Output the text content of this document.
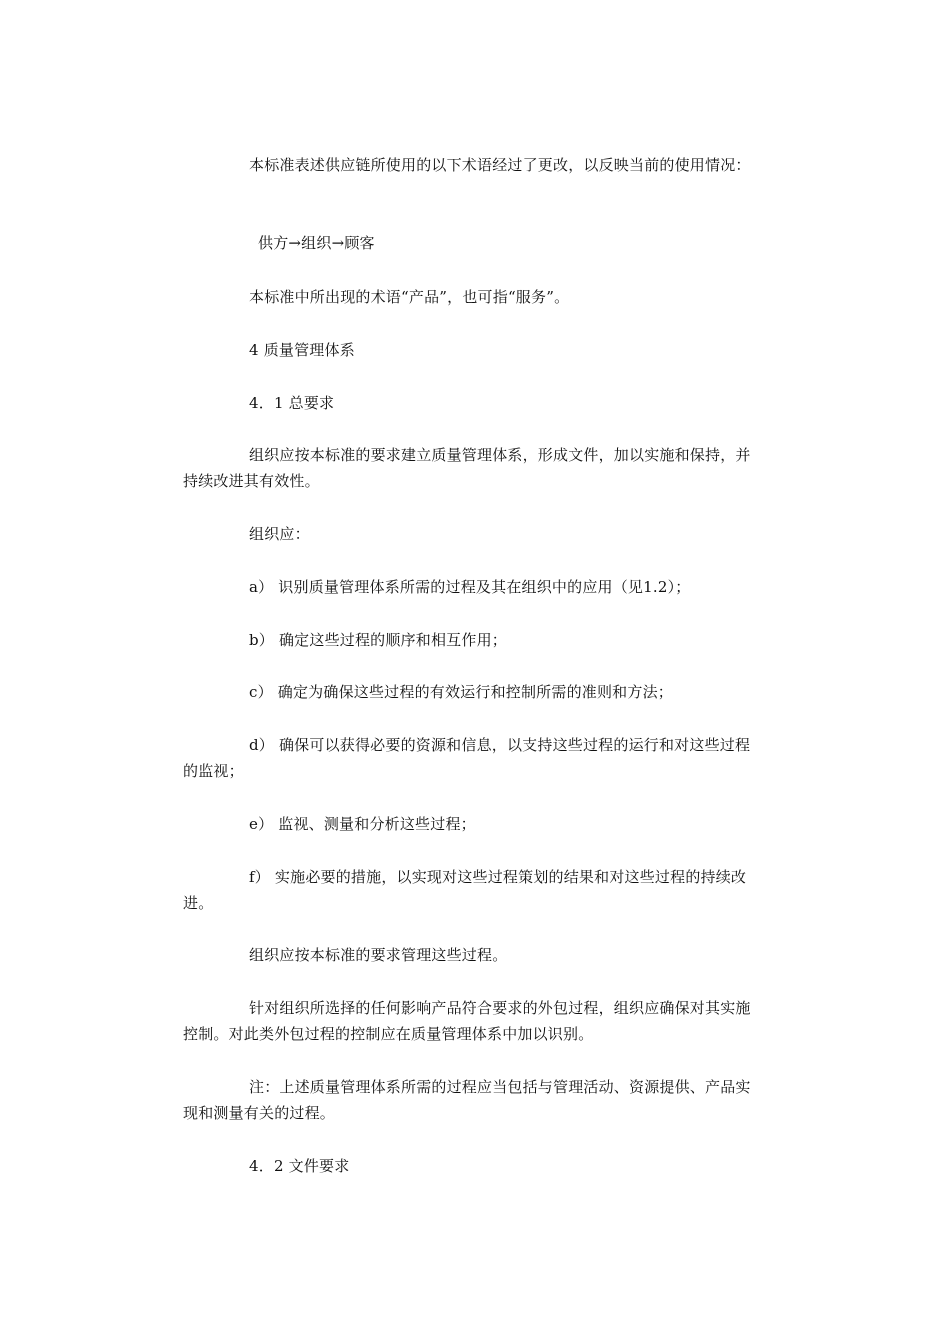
本标准表述供应链所使用的以下术语经过了更改，以反映当前的使用情况：

供方→组织→顾客

本标准中所出现的术语“产品”，也可指“服务”。

4 质量管理体系

4．1 总要求

组织应按本标准的要求建立质量管理体系，形成文件，加以实施和保持，并持续改进其有效性。

组织应：

a） 识别质量管理体系所需的过程及其在组织中的应用（见1.2）；

b） 确定这些过程的顺序和相互作用；

c） 确定为确保这些过程的有效运行和控制所需的准则和方法；

d） 确保可以获得必要的资源和信息，以支持这些过程的运行和对这些过程的监视；

e） 监视、测量和分析这些过程；

f） 实施必要的措施，以实现对这些过程策划的结果和对这些过程的持续改进。

组织应按本标准的要求管理这些过程。

针对组织所选择的任何影响产品符合要求的外包过程，组织应确保对其实施控制。对此类外包过程的控制应在质量管理体系中加以识别。

注：上述质量管理体系所需的过程应当包括与管理活动、资源提供、产品实现和测量有关的过程。

4．2 文件要求
